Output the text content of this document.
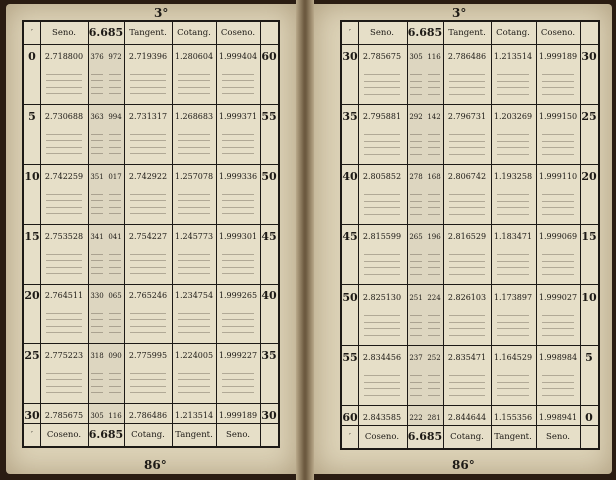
3°
′	Seno.	6.685 Tangent.	Cotang.	Coseno.
′	Coseno. 6.685 Cotang.	Tangent.	Seno.
0	2.718800	376 972 2.719396 1.280604 1.999404 60
5	2.730688	363 994 2.731317 1.268683 1.999371 55
10 2.742259	351 017 2.742922 1.257078 1.999336 50
15 2.753528	341 041 2.754227 1.245773 1.999301 45
20 2.764511	330 065 2.765246 1.234754 1.999265 40
25 2.775223	318 090 2.775995 1.224005 1.999227 35
30 2.785675	305 116 2.786486 1.213514 1.999189 30
86°
3°
′	Seno.	6.685 Tangent.	Cotang.	Coseno.
′	Coseno. 6.685 Cotang.	Tangent.	Seno.
30 2.785675	305 116 2.786486 1.213514 1.999189 30
35 2.795881	292 142 2.796731 1.203269 1.999150 25
40 2.805852	278 168 2.806742 1.193258 1.999110 20
45 2.815599	265 196 2.816529 1.183471 1.999069 15
50 2.825130	251 224 2.826103 1.173897 1.999027 10
55 2.834456	237 252 2.835471 1.164529 1.998984 5
60 2.843585	222 281 2.844644 1.155356 1.998941 0
86°
